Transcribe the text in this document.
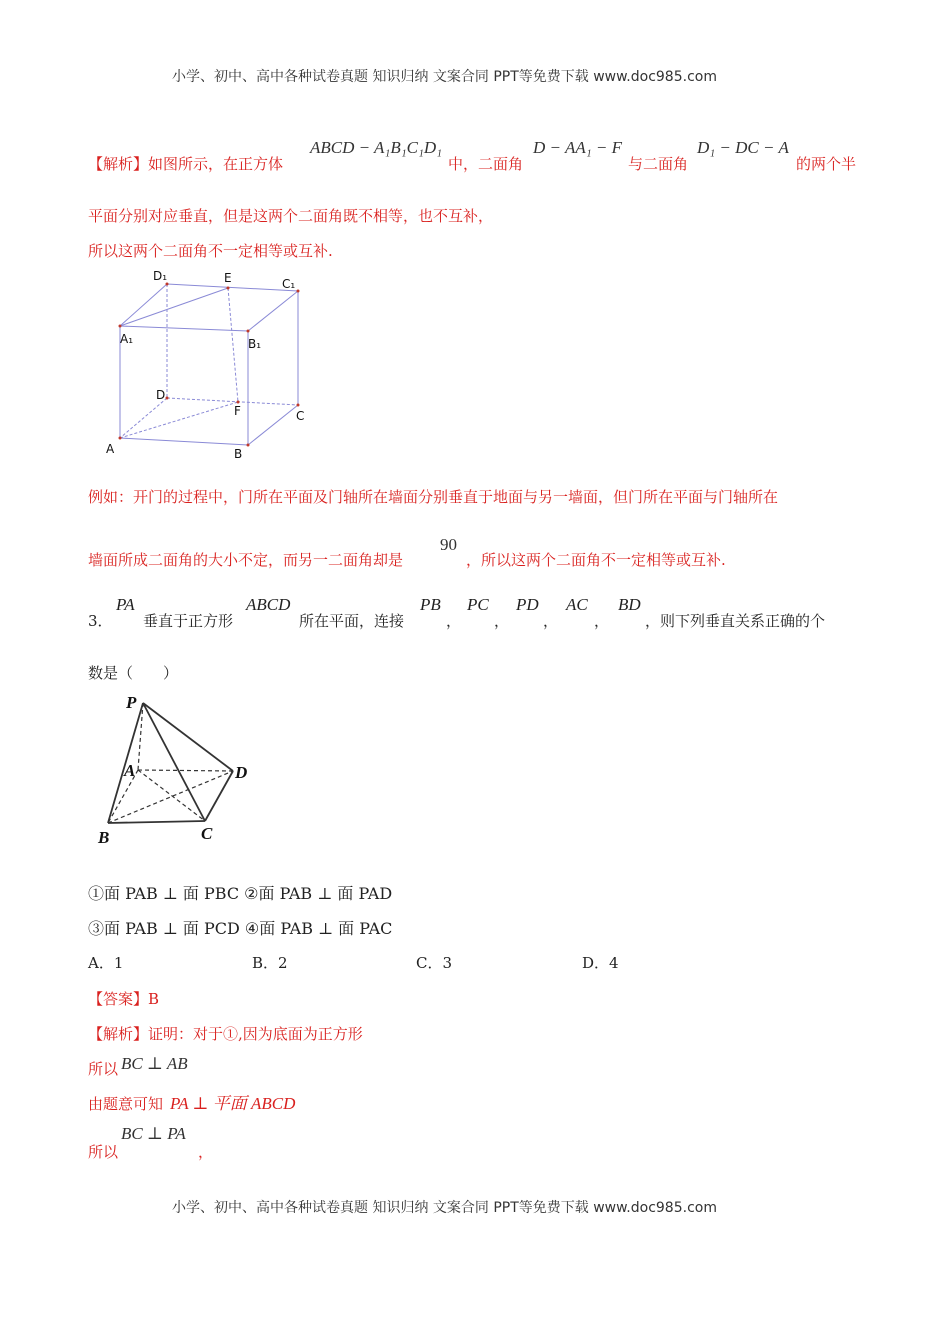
小学、初中、高中各种试卷真题 知识归纳 文案合同 PPT等免费下载 www.doc985.com
【解析】如图所示，在正方体
ABCD − A₁B₁C₁D₁
中，二面角
D − AA₁ − F
与二面角
D₁ − DC − A
的两个半
平面分别对应垂直，但是这两个二面角既不相等，也不互补，
所以这两个二面角不一定相等或互补.
D₁	E	C₁
A₁	B₁
D
F	C
A	B
例如：开门的过程中，门所在平面及门轴所在墙面分别垂直于地面与另一墙面，但门所在平面与门轴所在
墙面所成二面角的大小不定，而另一二面角却是
90
，所以这两个二面角不一定相等或互补.
3．
PA
垂直于正方形
ABCD
所在平面，连接
PB
，
PC
，
PD
，
AC
，
BD
，则下列垂直关系正确的个
数是（　　）
P
A	D
B	C
①面 PAB ⊥ 面 PBC ②面 PAB ⊥ 面 PAD
③面 PAB ⊥ 面 PCD ④面 PAB ⊥ 面 PAC
A．1	B．2	C．3	D．4
【答案】B
【解析】证明：对于①,因为底面为正方形
所以 BC ⊥ AB
由题意可知 PA ⊥ 平面 ABCD
所以
BC ⊥ PA
，
小学、初中、高中各种试卷真题 知识归纳 文案合同 PPT等免费下载 www.doc985.com
